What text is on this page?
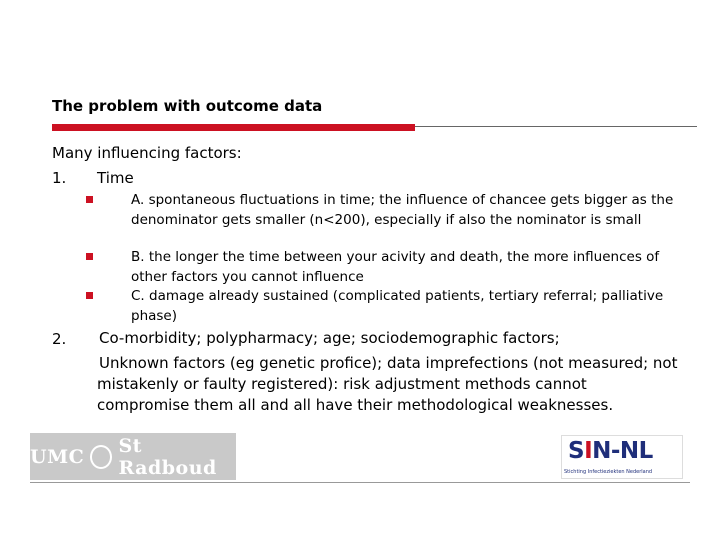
The problem with outcome data
Many influencing factors:
1. Time
A. spontaneous fluctuations in time; the influence of chancee gets bigger as the denominator gets smaller (n<200), especially if also the nominator is small
B. the longer the time between your acivity and death, the more influences of other factors you cannot influence
C. damage already sustained (complicated patients, tertiary referral; palliative phase)
2. Co-morbidity; polypharmacy; age; sociodemographic factors;
Unknown factors (eg genetic profice); data imprefections (not measured; not mistakenly or faulty registered): risk adjustment methods cannot compromise them all and all have their methodological weaknesses.
UMC St Radboud
SIN-NL
Stichting Infectieziekten Nederland
